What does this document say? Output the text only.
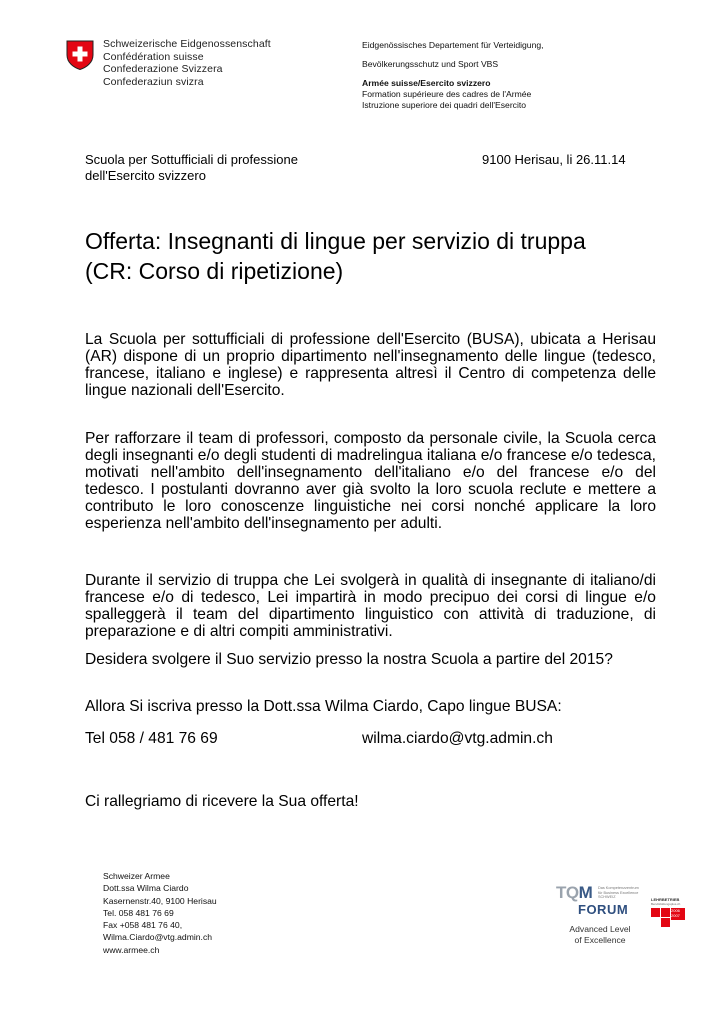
Schweizerische Eidgenossenschaft
Confédération suisse
Confederazione Svizzera
Confederaziun svizra
Eidgenössisches Departement für Verteidigung,
Bevölkerungsschutz und Sport VBS
Armée suisse/Esercito svizzero
Formation supérieure des cadres de l'Armée
Istruzione superiore dei quadri dell'Esercito
Scuola per Sottufficiali di professione
dell'Esercito svizzero
9100 Herisau, li 26.11.14
Offerta: Insegnanti di lingue per servizio di truppa
(CR: Corso di ripetizione)

La Scuola per sottufficiali di professione dell'Esercito (BUSA), ubicata a Herisau (AR) dispone di un proprio dipartimento nell'insegnamento delle lingue (tedesco, francese, italiano e inglese) e rappresenta altresì il Centro di competenza delle lingue nazionali dell'Esercito.

Per rafforzare il team di professori, composto da personale civile, la Scuola cerca degli insegnanti e/o degli studenti di madrelingua italiana e/o francese e/o tedesca, motivati nell'ambito dell'insegnamento dell'italiano e/o del francese e/o del tedesco. I postulanti dovranno aver già svolto la loro scuola reclute e mettere a contributo le loro conoscenze linguistiche nei corsi nonché applicare la loro esperienza nell'ambito dell'insegnamento per adulti.

Durante il servizio di truppa che Lei svolgerà in qualità di insegnante di italiano/di francese e/o di tedesco, Lei impartirà in modo precipuo dei corsi di lingue e/o spalleggerà il team del dipartimento linguistico con attività di traduzione, di preparazione e di altri compiti amministrativi.

Desidera svolgere il Suo servizio presso la nostra Scuola a partire del 2015?

Allora Si iscriva presso la Dott.ssa Wilma Ciardo, Capo lingue BUSA:

Tel 058 / 481 76 69	wilma.ciardo@vtg.admin.ch

Ci rallegriamo di ricevere la Sua offerta!

Schweizer Armee
Dott.ssa Wilma Ciardo
Kasernenstr.40, 9100 Herisau
Tel. 058 481 76 69
Fax +058 481 76 40,
Wilma.Ciardo@vtg.admin.ch
www.armee.ch
TQM	Das Kompetenzzentrum
für Business Excellence
SCHWEIZ
FORUM
Advanced Level
of Excellence
LEHRBETRIEB
Berufsbildungsplus.ch
2006
2007
